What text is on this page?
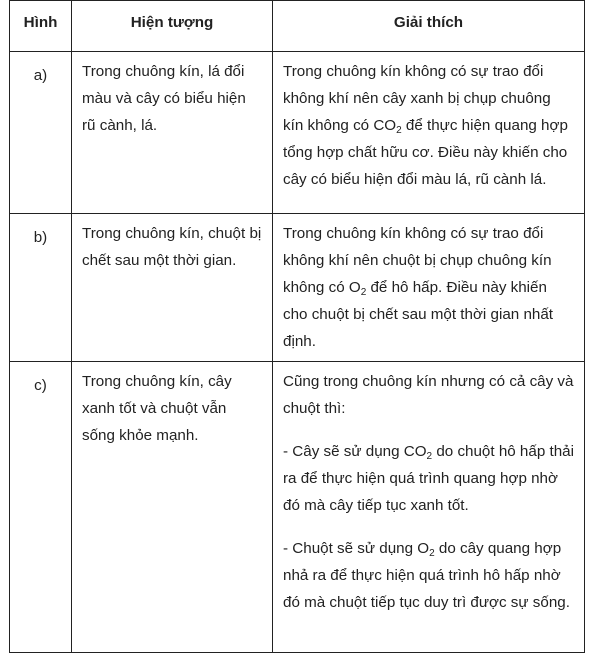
Hình	Hiện tượng	Giải thích

a)	Trong chuông kín, lá đổi màu và cây có biểu hiện rũ cành, lá.	Trong chuông kín không có sự trao đổi không khí nên cây xanh bị chụp chuông kín không có $CO_2$ để thực hiện quang hợp tổng hợp chất hữu cơ. Điều này khiến cho cây có biểu hiện đổi màu lá, rũ cành lá.

b)	Trong chuông kín, chuột bị chết sau một thời gian.	Trong chuông kín không có sự trao đổi không khí nên chuột bị chụp chuông kín không có $O_2$ để hô hấp. Điều này khiến cho chuột bị chết sau một thời gian nhất định.

c)	Trong chuông kín, cây xanh tốt và chuột vẫn sống khỏe mạnh.	Cũng trong chuông kín nhưng có cả cây và chuột thì:

- Cây sẽ sử dụng $CO_2$ do chuột hô hấp thải ra để thực hiện quá trình quang hợp nhờ đó mà cây tiếp tục xanh tốt.

- Chuột sẽ sử dụng $O_2$ do cây quang hợp nhả ra để thực hiện quá trình hô hấp nhờ đó mà chuột tiếp tục duy trì được sự sống.
